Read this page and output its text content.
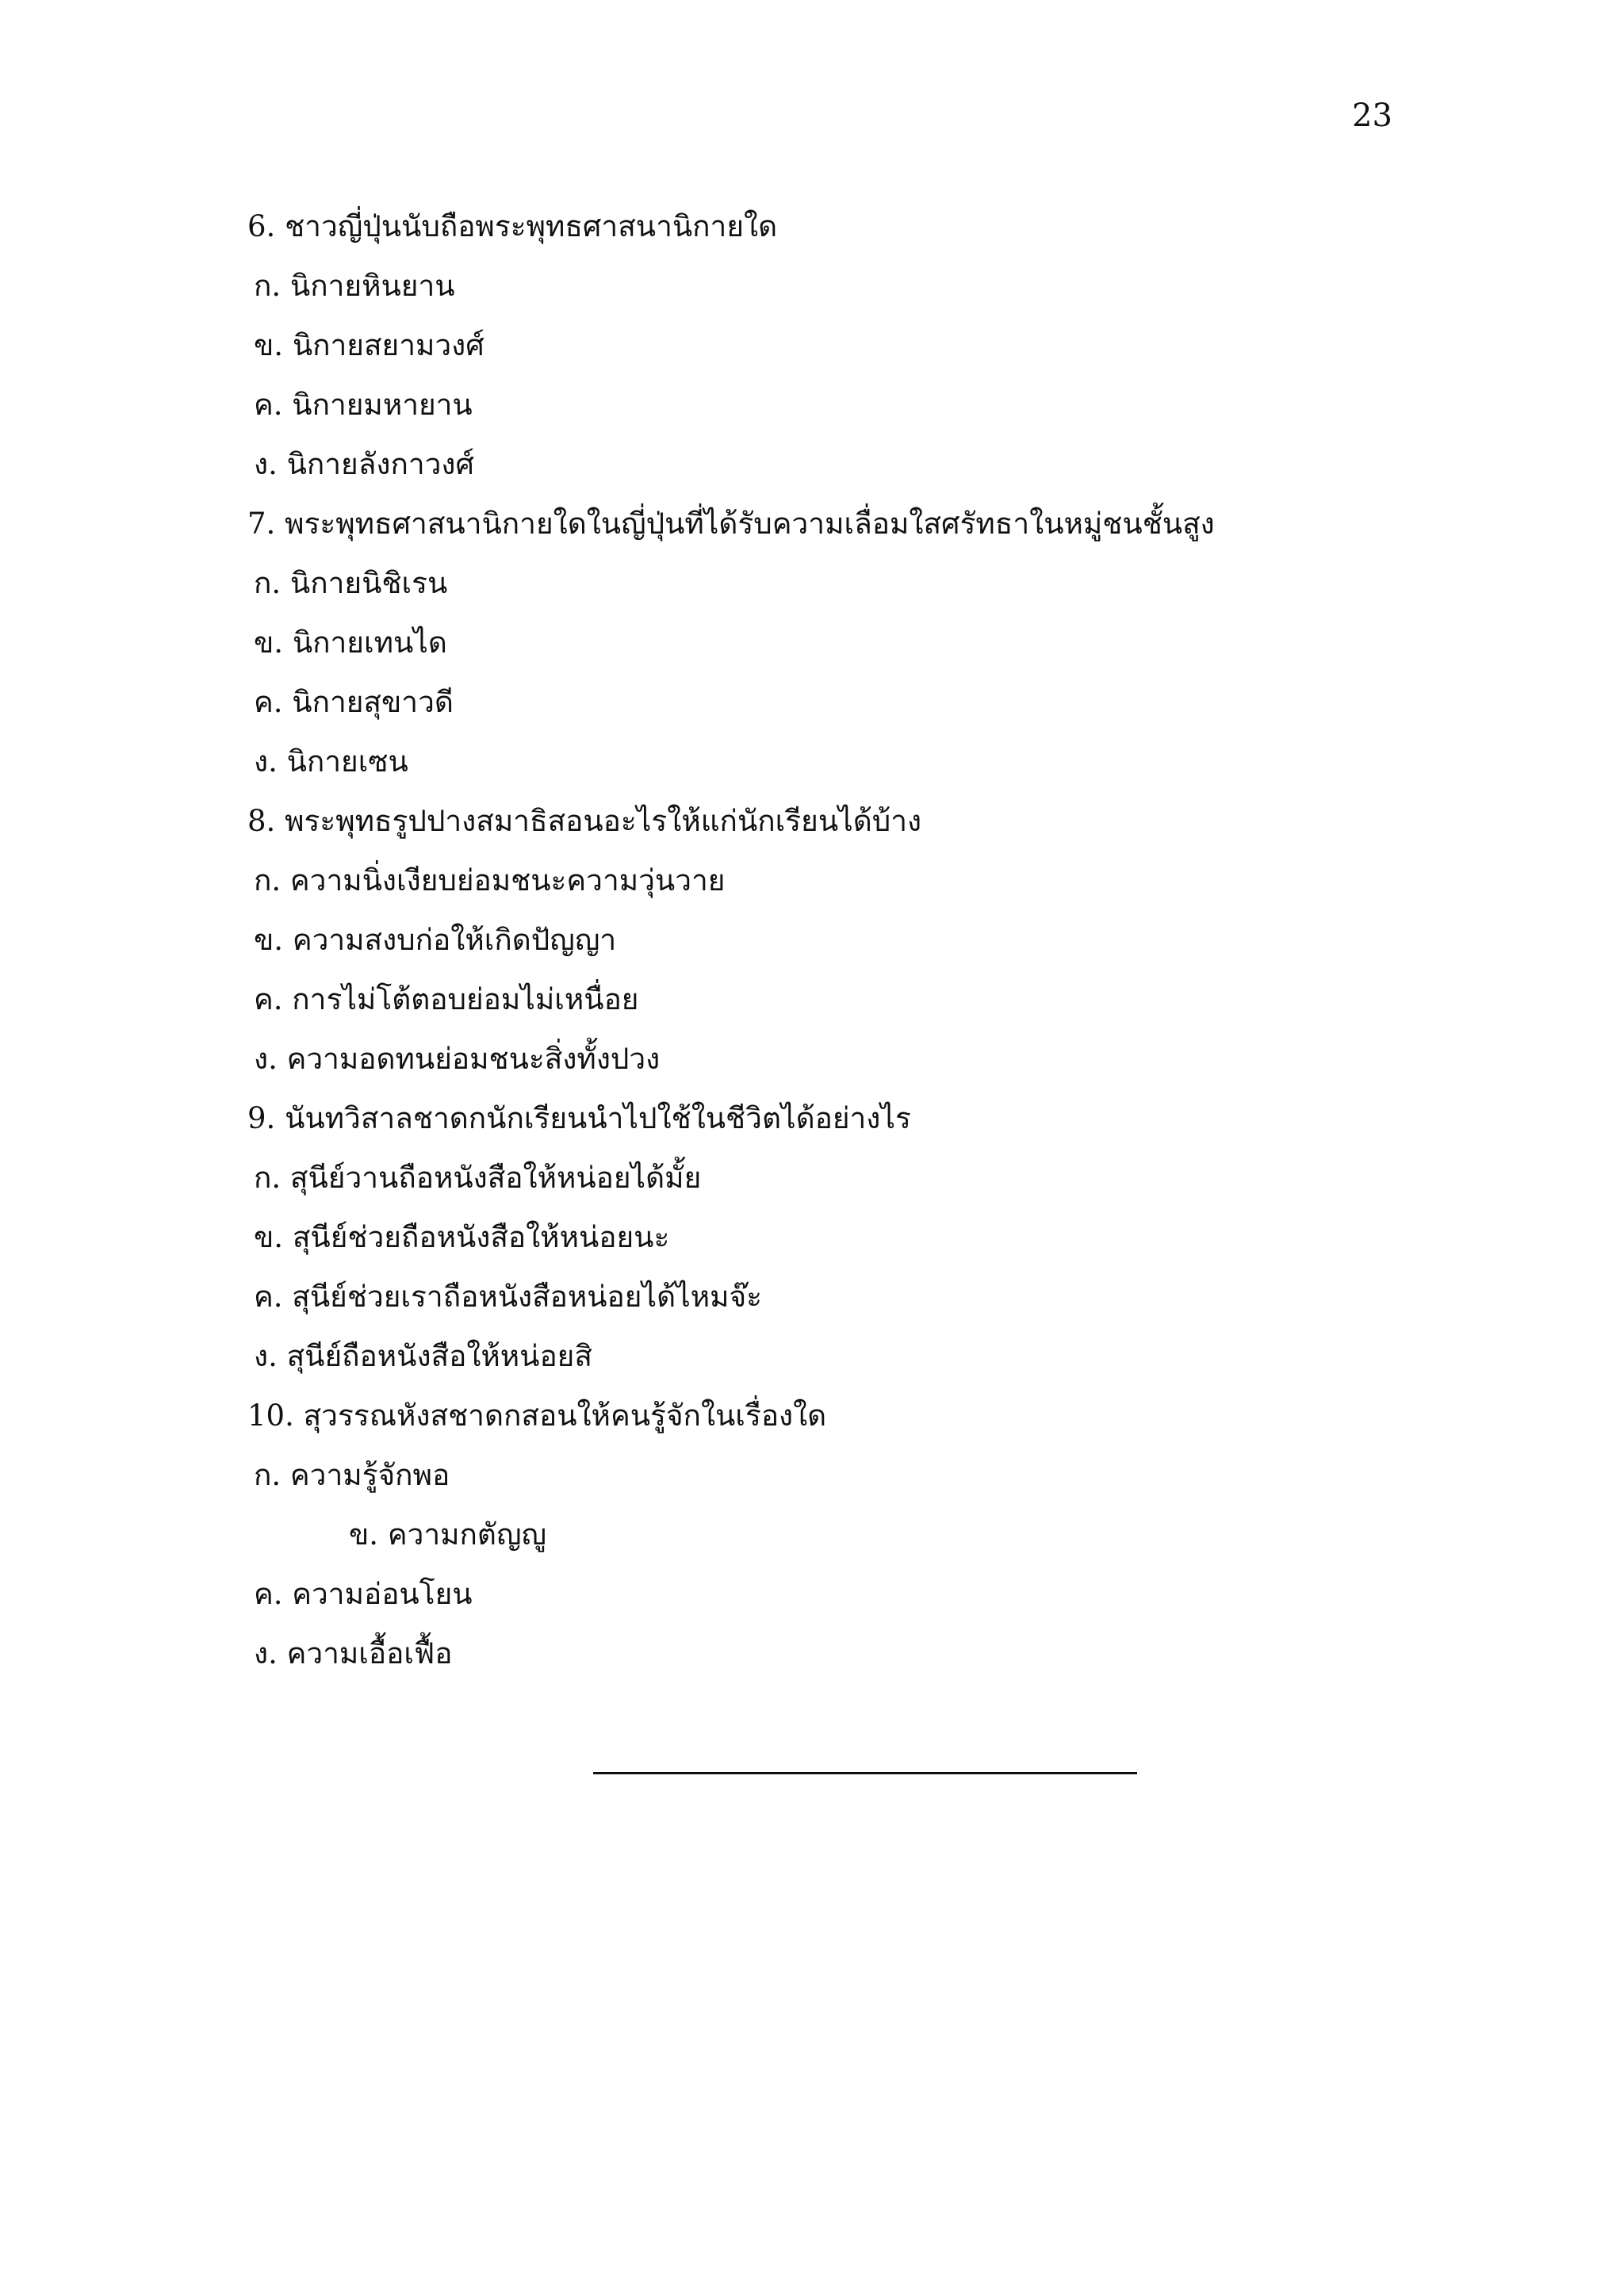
23
6. ชาวญี่ปุ่นนับถือพระพุทธศาสนานิกายใด
ก. นิกายหินยาน
ข. นิกายสยามวงศ์
ค. นิกายมหายาน
ง. นิกายลังกาวงศ์
7. พระพุทธศาสนานิกายใดในญี่ปุ่นที่ได้รับความเลื่อมใสศรัทธาในหมู่ชนชั้นสูง
ก. นิกายนิชิเรน
ข. นิกายเทนได
ค. นิกายสุขาวดี
ง. นิกายเซน
8. พระพุทธรูปปางสมาธิสอนอะไรให้แก่นักเรียนได้บ้าง
ก. ความนิ่งเงียบย่อมชนะความวุ่นวาย
ข. ความสงบก่อให้เกิดปัญญา
ค. การไม่โต้ตอบย่อมไม่เหนื่อย
ง. ความอดทนย่อมชนะสิ่งทั้งปวง
9. นันทวิสาลชาดกนักเรียนนำไปใช้ในชีวิตได้อย่างไร
ก. สุนีย์วานถือหนังสือให้หน่อยได้มั้ย
ข. สุนีย์ช่วยถือหนังสือให้หน่อยนะ
ค. สุนีย์ช่วยเราถือหนังสือหน่อยได้ไหมจ๊ะ
ง. สุนีย์ถือหนังสือให้หน่อยสิ
10. สุวรรณหังสชาดกสอนให้คนรู้จักในเรื่องใด
ก. ความรู้จักพอ
ข. ความกตัญญู
ค. ความอ่อนโยน
ง. ความเอื้อเฟื้อ
